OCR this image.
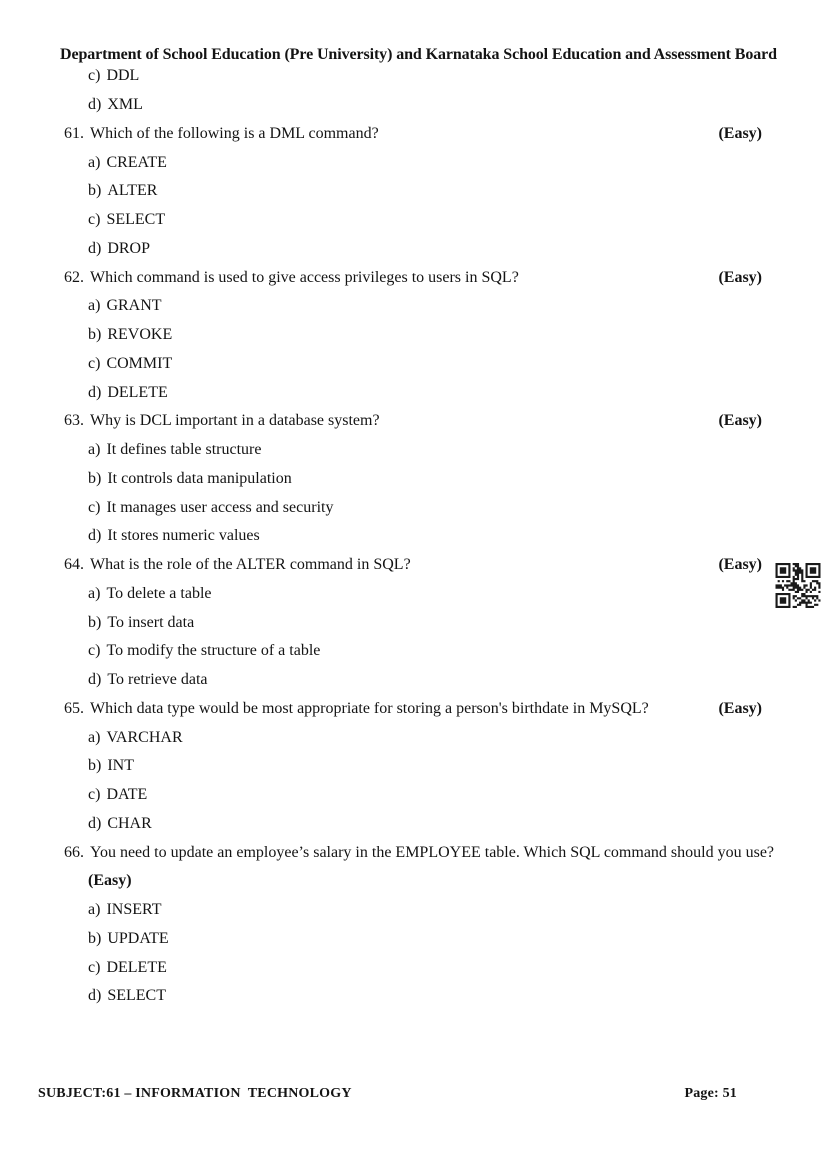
Department of School Education (Pre University) and Karnataka School Education and Assessment Board
c) DDL
d) XML
61. Which of the following is a DML command?	(Easy)
a) CREATE
b) ALTER
c) SELECT
d) DROP
62. Which command is used to give access privileges to users in SQL?	(Easy)
a) GRANT
b) REVOKE
c) COMMIT
d) DELETE
63. Why is DCL important in a database system?	(Easy)
a) It defines table structure
b) It controls data manipulation
c) It manages user access and security
d) It stores numeric values
64. What is the role of the ALTER command in SQL?	(Easy)
a) To delete a table
b) To insert data
c) To modify the structure of a table
d) To retrieve data
65. Which data type would be most appropriate for storing a person's birthdate in MySQL?	(Easy)
a) VARCHAR
b) INT
c) DATE
d) CHAR
66. You need to update an employee’s salary in the EMPLOYEE table. Which SQL command should you use?
(Easy)
a) INSERT
b) UPDATE
c) DELETE
d) SELECT
SUBJECT:61 – INFORMATION  TECHNOLOGY	Page: 51
